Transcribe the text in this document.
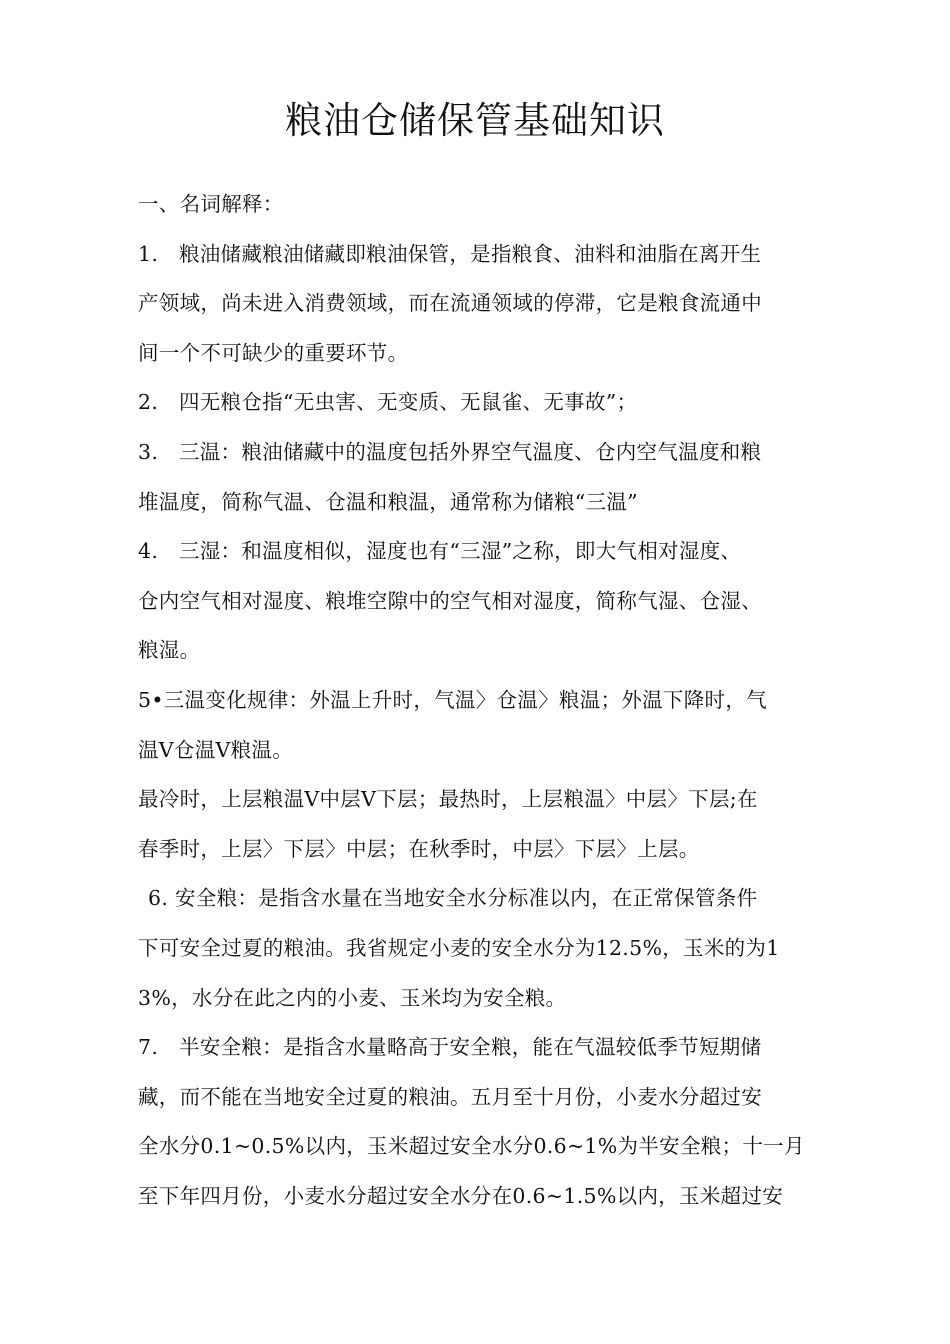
粮油仓储保管基础知识
一、名词解释：
1.　粮油储藏粮油储藏即粮油保管，是指粮食、油料和油脂在离开生
产领域，尚未进入消费领域，而在流通领域的停滞，它是粮食流通中
间一个不可缺少的重要环节。
2.　四无粮仓指“无虫害、无变质、无鼠雀、无事故”；
3.　三温：粮油储藏中的温度包括外界空气温度、仓内空气温度和粮
堆温度，简称气温、仓温和粮温，通常称为储粮“三温”
4.　三湿：和温度相似，湿度也有“三湿”之称，即大气相对湿度、
仓内空气相对湿度、粮堆空隙中的空气相对湿度，简称气湿、仓湿、
粮湿。
5•三温变化规律：外温上升时，气温〉仓温〉粮温；外温下降时，气
温V仓温V粮温。
最冷时，上层粮温V中层V下层；最热时，上层粮温〉中层〉下层;在
春季时，上层〉下层〉中层；在秋季时，中层〉下层〉上层。
6. 安全粮：是指含水量在当地安全水分标准以内，在正常保管条件
下可安全过夏的粮油。我省规定小麦的安全水分为12.5%，玉米的为1
3%，水分在此之内的小麦、玉米均为安全粮。
7.　半安全粮：是指含水量略高于安全粮，能在气温较低季节短期储
藏，而不能在当地安全过夏的粮油。五月至十月份，小麦水分超过安
全水分0.1~0.5%以内，玉米超过安全水分0.6~1%为半安全粮；十一月
至下年四月份，小麦水分超过安全水分在0.6~1.5%以内，玉米超过安
